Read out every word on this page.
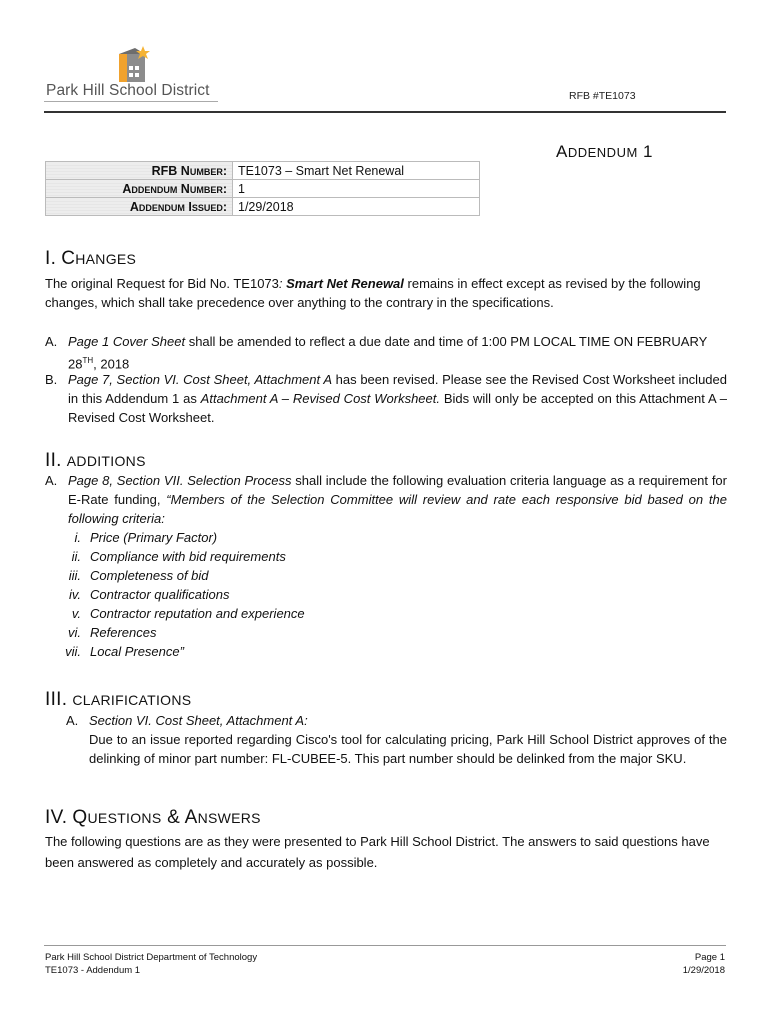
Park Hill School District	RFB #TE1073
ADDENDUM 1
RFB Number:	TE1073 – Smart Net Renewal
Addendum Number:	1
Addendum Issued:	1/29/2018
I. CHANGES

The original Request for Bid No. TE1073: Smart Net Renewal remains in effect except as revised by the following changes, which shall take precedence over anything to the contrary in the specifications.

A. Page 1 Cover Sheet shall be amended to reflect a due date and time of 1:00 PM LOCAL TIME ON FEBRUARY 28TH, 2018
B. Page 7, Section VI. Cost Sheet, Attachment A has been revised. Please see the Revised Cost Worksheet included in this Addendum 1 as Attachment A – Revised Cost Worksheet. Bids will only be accepted on this Attachment A – Revised Cost Worksheet.
II. ADDITIONS
A. Page 8, Section VII. Selection Process shall include the following evaluation criteria language as a requirement for E-Rate funding, “Members of the Selection Committee will review and rate each responsive bid based on the following criteria:
i. Price (Primary Factor)
ii. Compliance with bid requirements
iii. Completeness of bid
iv. Contractor qualifications
v. Contractor reputation and experience
vi. References
vii. Local Presence”
III. CLARIFICATIONS
A. Section VI. Cost Sheet, Attachment A:
Due to an issue reported regarding Cisco's tool for calculating pricing, Park Hill School District approves of the delinking of minor part number: FL-CUBEE-5. This part number should be delinked from the major SKU.
IV. QUESTIONS & ANSWERS

The following questions are as they were presented to Park Hill School District. The answers to said questions have been answered as completely and accurately as possible.

Park Hill School District Department of Technology
TE1073 - Addendum 1
Page 1
1/29/2018
